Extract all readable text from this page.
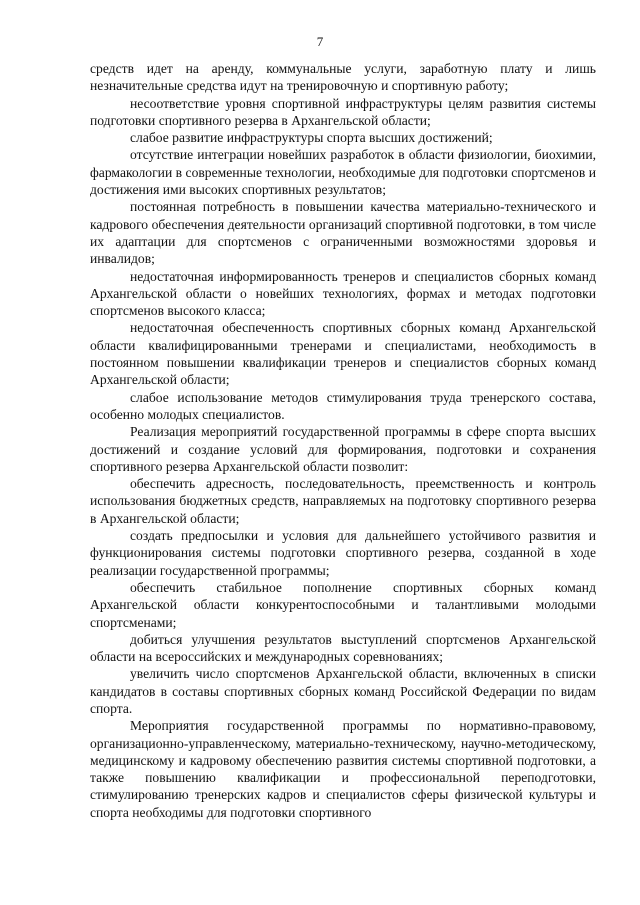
7

средств идет на аренду, коммунальные услуги, заработную плату и лишь незначительные средства идут на тренировочную и спортивную работу;

несоответствие уровня спортивной инфраструктуры целям развития системы подготовки спортивного резерва в Архангельской области;

слабое развитие инфраструктуры спорта высших достижений;

отсутствие интеграции новейших разработок в области физиологии, биохимии, фармакологии в современные технологии, необходимые для подготовки спортсменов и достижения ими высоких спортивных результатов;

постоянная потребность в повышении качества материально-технического и кадрового обеспечения деятельности организаций спортивной подготовки, в том числе их адаптации для спортсменов с ограниченными возможностями здоровья и инвалидов;

недостаточная информированность тренеров и специалистов сборных команд Архангельской области о новейших технологиях, формах и методах подготовки спортсменов высокого класса;

недостаточная обеспеченность спортивных сборных команд Архангельской области квалифицированными тренерами и специалистами, необходимость в постоянном повышении квалификации тренеров и специалистов сборных команд Архангельской области;

слабое использование методов стимулирования труда тренерского состава, особенно молодых специалистов.

Реализация мероприятий государственной программы в сфере спорта высших достижений и создание условий для формирования, подготовки и сохранения спортивного резерва Архангельской области позволит:

обеспечить адресность, последовательность, преемственность и контроль использования бюджетных средств, направляемых на подготовку спортивного резерва в Архангельской области;

создать предпосылки и условия для дальнейшего устойчивого развития и функционирования системы подготовки спортивного резерва, созданной в ходе реализации государственной программы;

обеспечить стабильное пополнение спортивных сборных команд Архангельской области конкурентоспособными и талантливыми молодыми спортсменами;

добиться улучшения результатов выступлений спортсменов Архангельской области на всероссийских и международных соревнованиях;

увеличить число спортсменов Архангельской области, включенных в списки кандидатов в составы спортивных сборных команд Российской Федерации по видам спорта.

Мероприятия государственной программы по нормативно-правовому, организационно-управленческому, материально-техническому, научно-методическому, медицинскому и кадровому обеспечению развития системы спортивной подготовки, а также повышению квалификации и профессиональной переподготовки, стимулированию тренерских кадров и специалистов сферы физической культуры и спорта необходимы для подготовки спортивного
